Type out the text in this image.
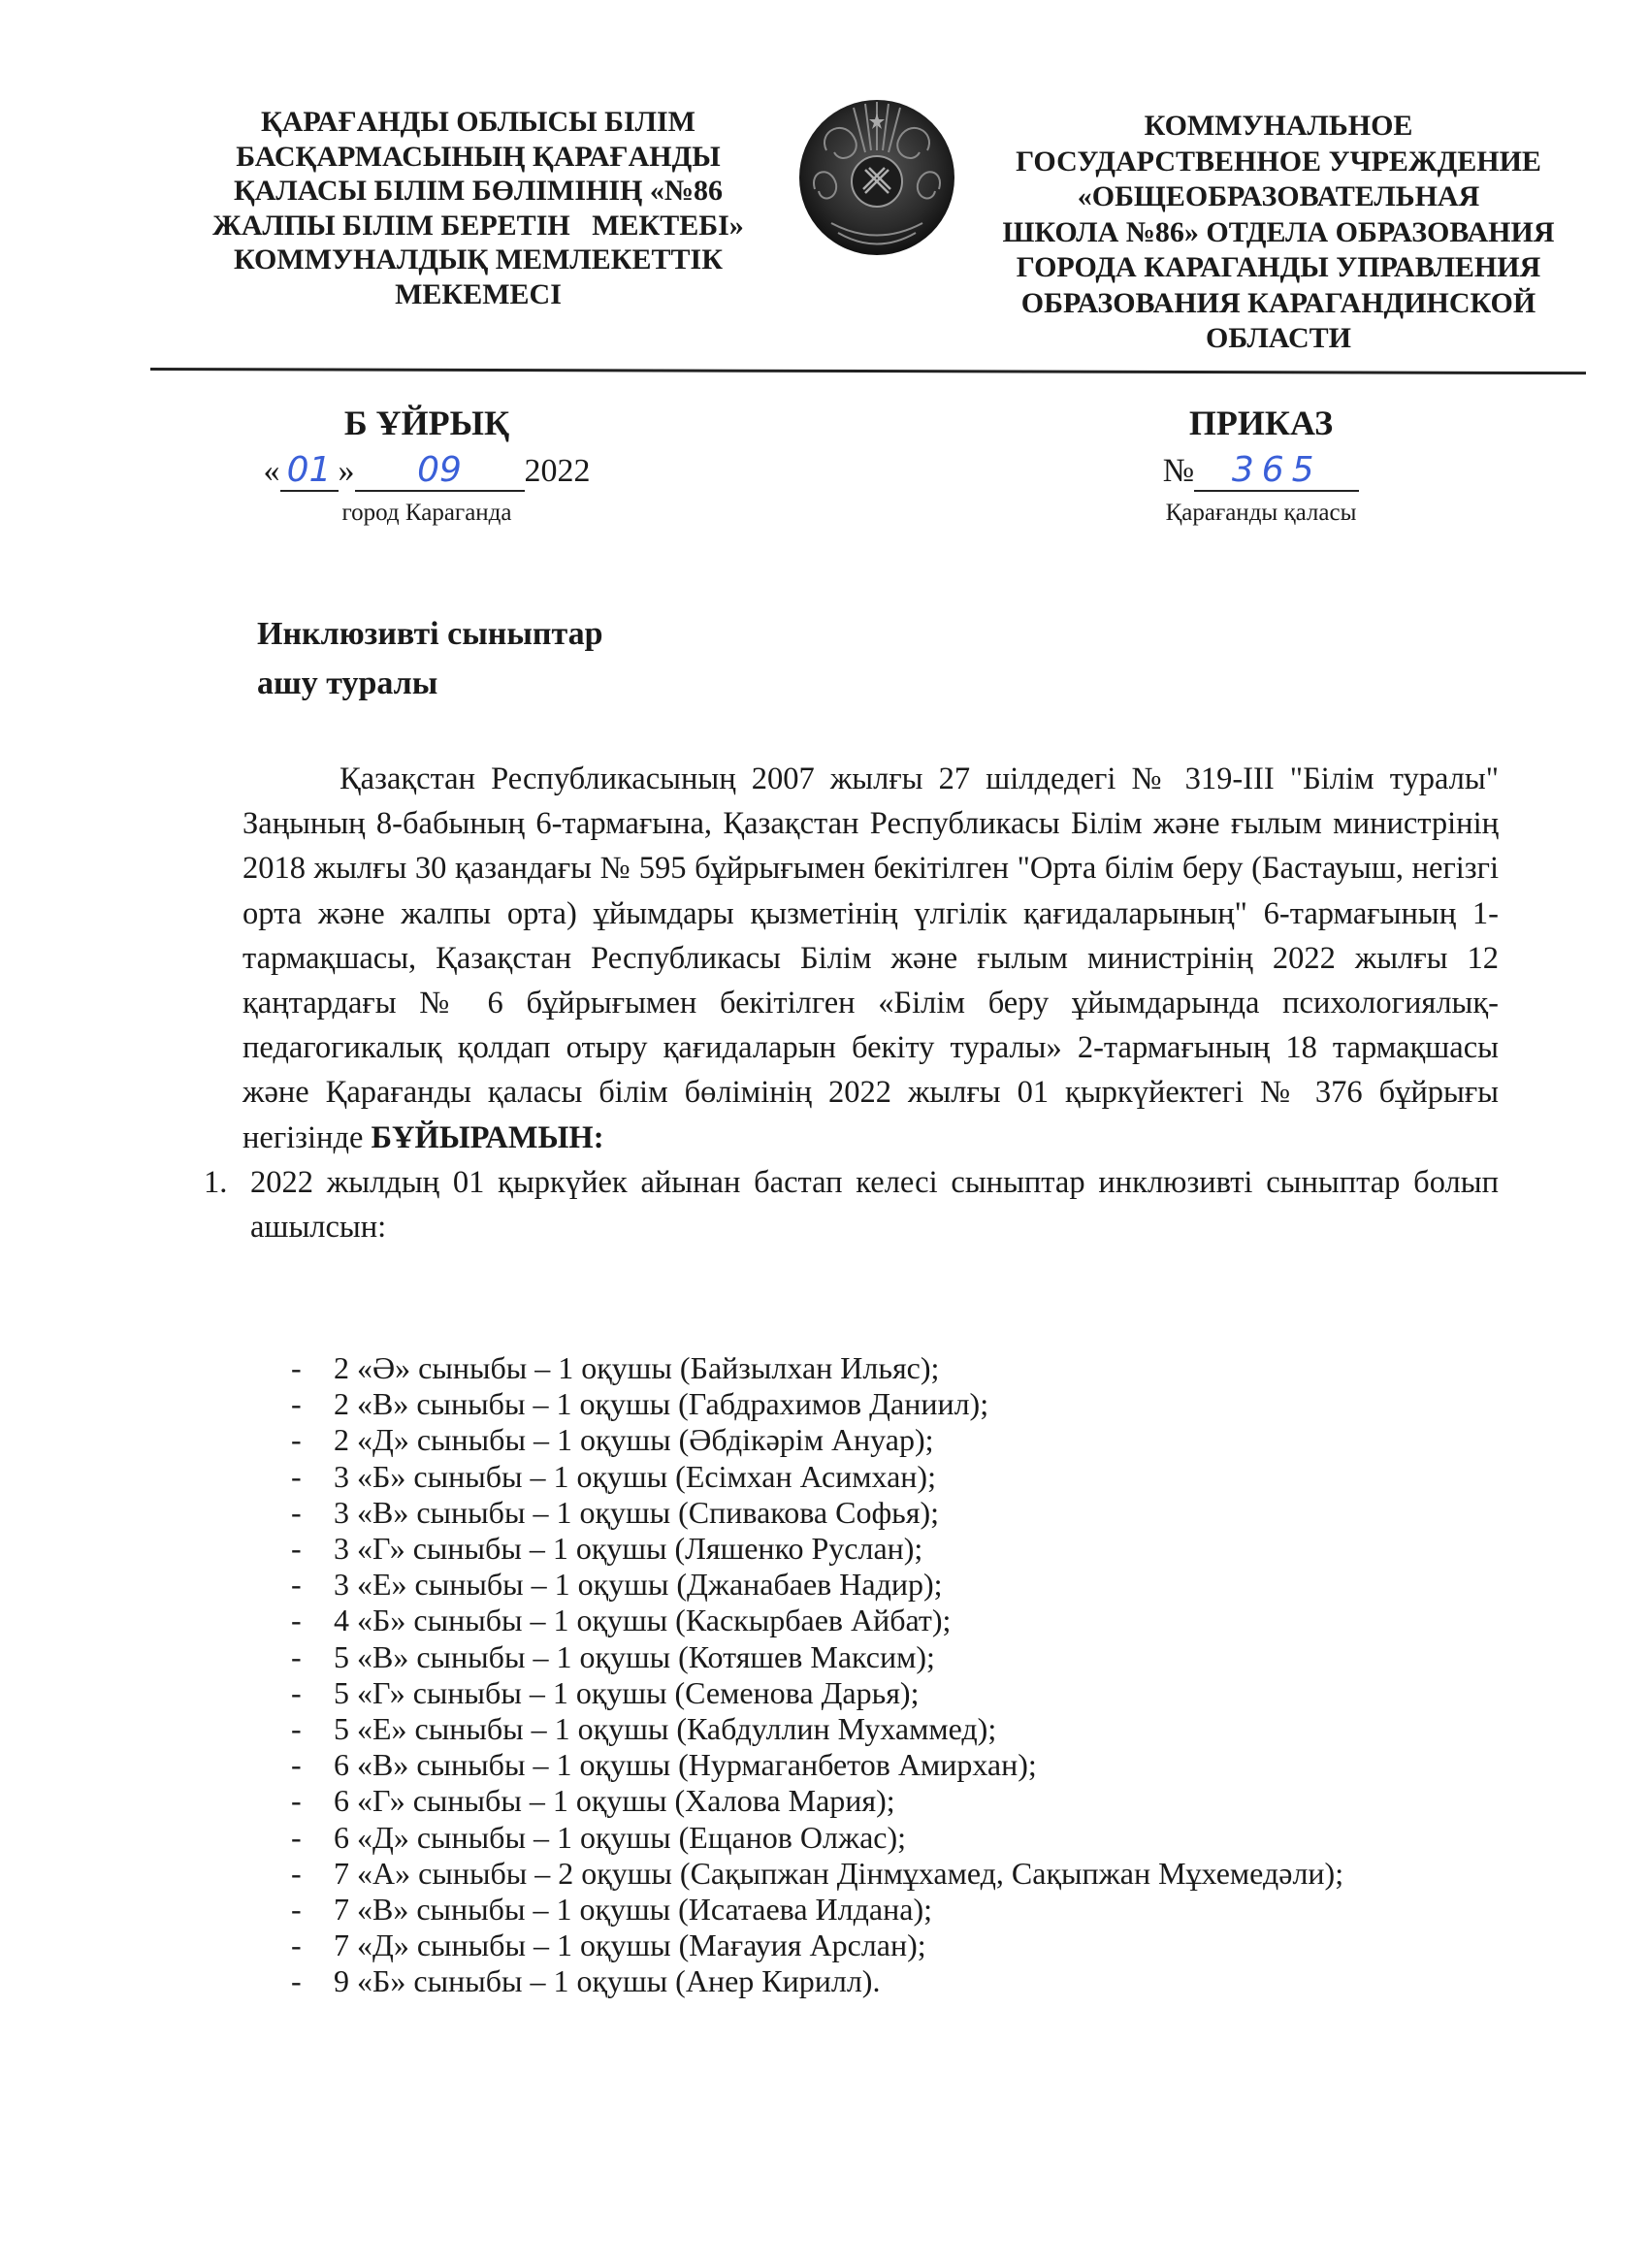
ҚАРАҒАНДЫ ОБЛЫСЫ БІЛІМ
БАСҚАРМАСЫНЫҢ ҚАРАҒАНДЫ
ҚАЛАСЫ БІЛІМ БӨЛІМІНІҢ «№86
ЖАЛПЫ БІЛІМ БЕРЕТІН   МЕКТЕБІ»
КОММУНАЛДЫҚ МЕМЛЕКЕТТІК
МЕКЕМЕСІ
КОММУНАЛЬНОЕ
ГОСУДАРСТВЕННОЕ УЧРЕЖДЕНИЕ
«ОБЩЕОБРАЗОВАТЕЛЬНАЯ
ШКОЛА №86» ОТДЕЛА ОБРАЗОВАНИЯ
ГОРОДА КАРАГАНДЫ УПРАВЛЕНИЯ
ОБРАЗОВАНИЯ КАРАГАНДИНСКОЙ
ОБЛАСТИ
Б ҰЙРЫҚ
« 01 » 09 2022
город Караганда
ПРИКАЗ
№ 365
Қарағанды қаласы
Инклюзивті сыныптар
ашу туралы

Қазақстан Республикасының 2007 жылғы 27 шілдедегі № 319-ІІІ "Білім туралы" Заңының 8-бабының 6-тармағына, Қазақстан Республикасы Білім және ғылым министрінің 2018 жылғы 30 қазандағы № 595 бұйрығымен бекітілген "Орта білім беру (Бастауыш, негізгі орта және жалпы орта) ұйымдары қызметінің үлгілік қағидаларының" 6-тармағының 1-тармақшасы, Қазақстан Республикасы Білім және ғылым министрінің 2022 жылғы 12 қаңтардағы № 6 бұйрығымен бекітілген «Білім беру ұйымдарында психологиялық-педагогикалық қолдап отыру қағидаларын бекіту туралы» 2-тармағының 18 тармақшасы және Қарағанды қаласы білім бөлімінің 2022 жылғы 01 қыркүйектегі № 376 бұйрығы негізінде БҰЙЫРАМЫН:

1. 2022 жылдың 01 қыркүйек айынан бастап келесі сыныптар инклюзивті сыныптар болып ашылсын:

- 2 «Ә» сыныбы – 1 оқушы (Байзылхан Ильяс);
- 2 «В» сыныбы – 1 оқушы (Габдрахимов Даниил);
- 2 «Д» сыныбы – 1 оқушы (Әбдікәрім Ануар);
- 3 «Б» сыныбы – 1 оқушы (Есімхан Асимхан);
- 3 «В» сыныбы – 1 оқушы (Спивакова Софья);
- 3 «Г» сыныбы – 1 оқушы (Ляшенко Руслан);
- 3 «Е» сыныбы – 1 оқушы (Джанабаев Надир);
- 4 «Б» сыныбы – 1 оқушы (Каскырбаев Айбат);
- 5 «В» сыныбы – 1 оқушы (Котяшев Максим);
- 5 «Г» сыныбы – 1 оқушы (Семенова Дарья);
- 5 «Е» сыныбы – 1 оқушы (Кабдуллин Мухаммед);
- 6 «В» сыныбы – 1 оқушы (Нурмаганбетов Амирхан);
- 6 «Г» сыныбы – 1 оқушы (Халова Мария);
- 6 «Д» сыныбы – 1 оқушы (Ещанов Олжас);
- 7 «А» сыныбы – 2 оқушы (Сақыпжан Дінмұхамед, Сақыпжан Мұхемедәли);
- 7 «В» сыныбы – 1 оқушы (Исатаева Илдана);
- 7 «Д» сыныбы – 1 оқушы (Мағауия Арслан);
- 9 «Б» сыныбы – 1 оқушы (Анер Кирилл).
